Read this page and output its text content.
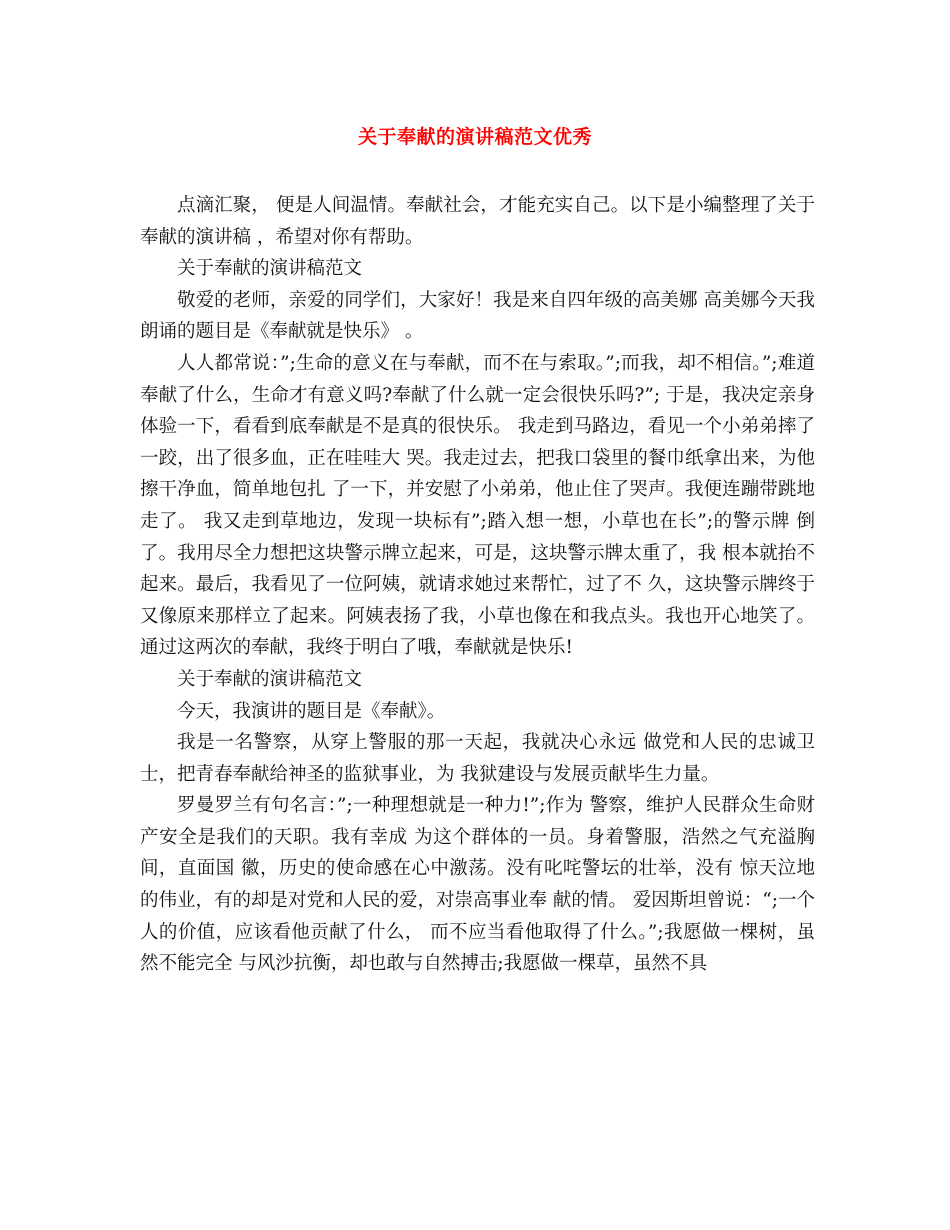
关于奉献的演讲稿范文优秀

点滴汇聚， 便是人间温情。奉献社会，才能充实自己。以下是小编整理了关于奉献的演讲稿 ，希望对你有帮助。

关于奉献的演讲稿范文

敬爱的老师，亲爱的同学们，大家好！我是来自四年级的高美娜 高美娜今天我朗诵的题目是《奉献就是快乐》 。

人人都常说：”;生命的意义在与奉献，而不在与索取。”;而我，却不相信。”;难道奉献了什么，生命才有意义吗?奉献了什么就一定会很快乐吗?”; 于是，我决定亲身体验一下，看看到底奉献是不是真的很快乐。 我走到马路边，看见一个小弟弟摔了一跤，出了很多血，正在哇哇大 哭。我走过去，把我口袋里的餐巾纸拿出来，为他擦干净血，简单地包扎 了一下，并安慰了小弟弟，他止住了哭声。我便连蹦带跳地走了。 我又走到草地边，发现一块标有”;踏入想一想，小草也在长”;的警示牌 倒了。我用尽全力想把这块警示牌立起来，可是，这块警示牌太重了，我 根本就抬不起来。最后，我看见了一位阿姨，就请求她过来帮忙，过了不 久，这块警示牌终于又像原来那样立了起来。阿姨表扬了我，小草也像在和我点头。我也开心地笑了。 通过这两次的奉献，我终于明白了哦，奉献就是快乐!

关于奉献的演讲稿范文

今天，我演讲的题目是《奉献》。

我是一名警察，从穿上警服的那一天起，我就决心永远 做党和人民的忠诚卫士，把青春奉献给神圣的监狱事业，为 我狱建设与发展贡献毕生力量。

罗曼罗兰有句名言：”;一种理想就是一种力!”;作为 警察，维护人民群众生命财产安全是我们的天职。我有幸成 为这个群体的一员。身着警服，浩然之气充溢胸间，直面国 徽，历史的使命感在心中激荡。没有叱咤警坛的壮举，没有 惊天泣地的伟业，有的却是对党和人民的爱，对崇高事业奉 献的情。 爱因斯坦曾说：“;一个人的价值，应该看他贡献了什么， 而不应当看他取得了什么。”;我愿做一棵树，虽然不能完全 与风沙抗衡，却也敢与自然搏击;我愿做一棵草，虽然不具
